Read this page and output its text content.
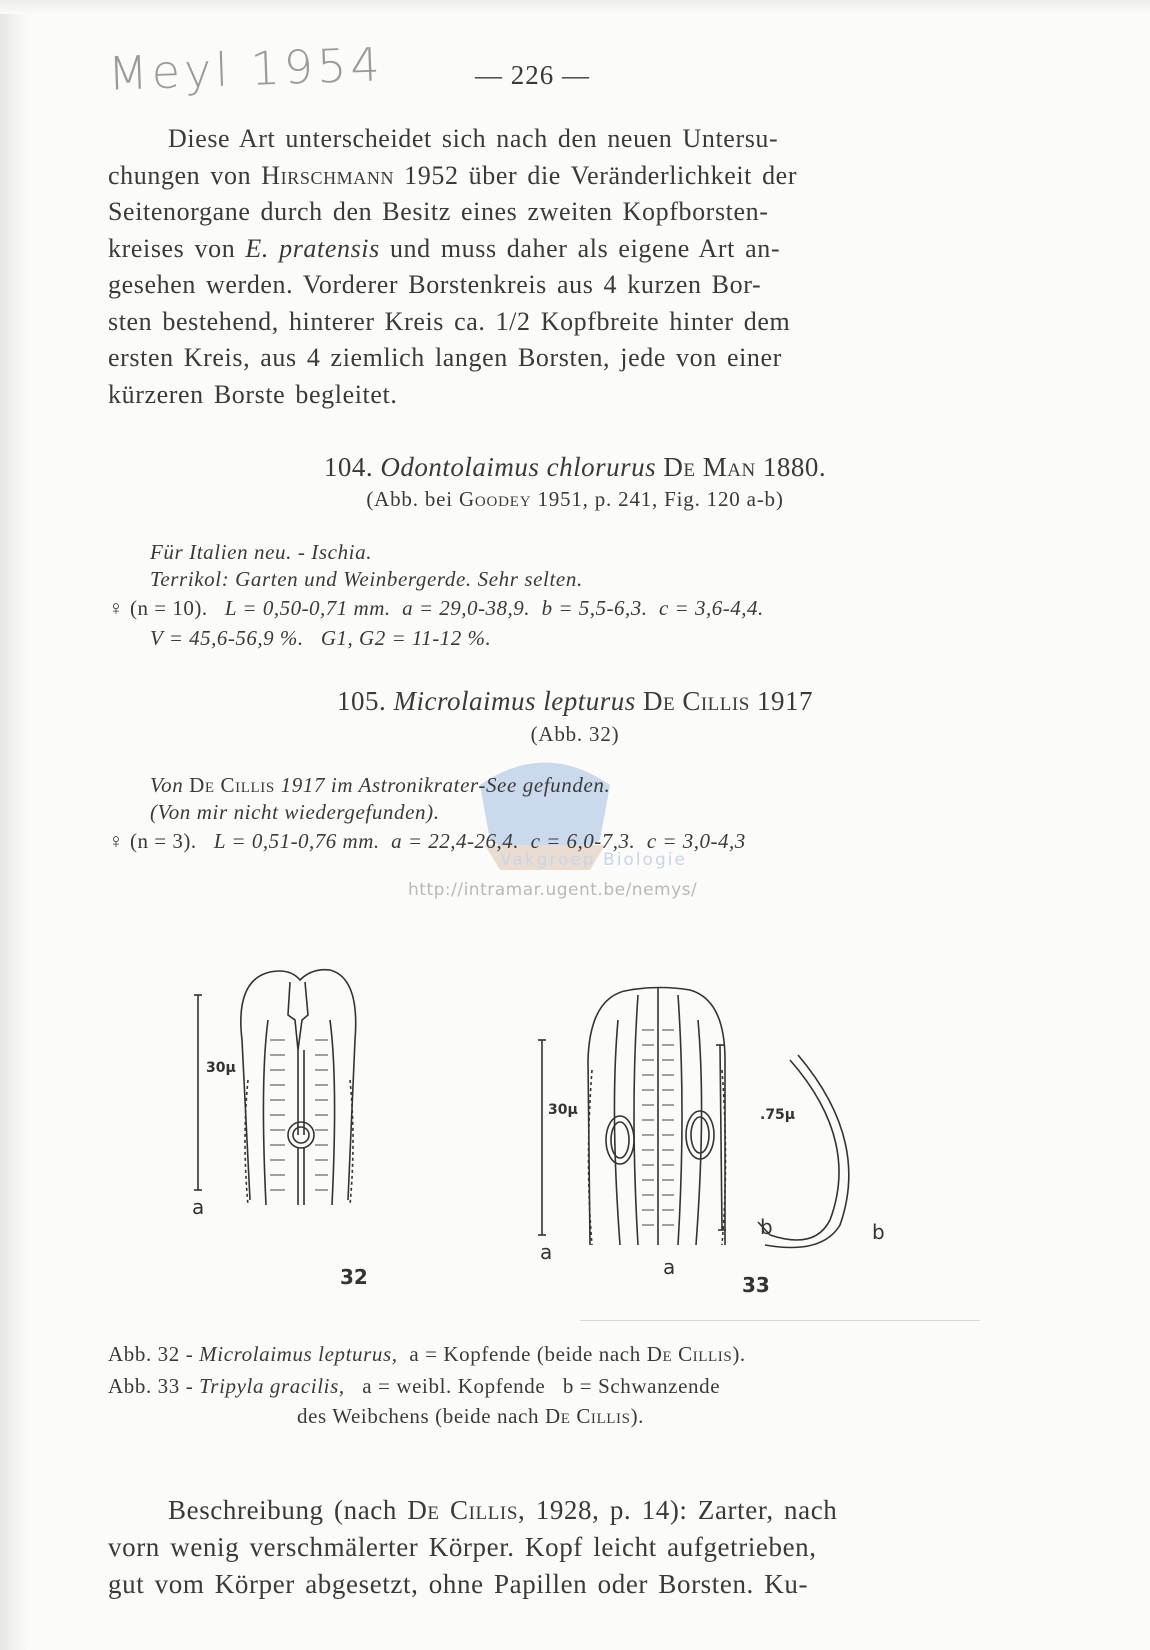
Meyl 1954	— 226 —
Diese Art unterscheidet sich nach den neuen Untersu-
chungen von Hirschmann 1952 über die Veränderlichkeit der
Seitenorgane durch den Besitz eines zweiten Kopfborsten-
kreises von E. pratensis und muss daher als eigene Art an-
gesehen werden. Vorderer Borstenkreis aus 4 kurzen Bor-
sten bestehend, hinterer Kreis ca. 1/2 Kopfbreite hinter dem
ersten Kreis, aus 4 ziemlich langen Borsten, jede von einer
kürzeren Borste begleitet.
104. Odontolaimus chlorurus De Man 1880.
(Abb. bei Goodey 1951, p. 241, Fig. 120 a-b)
Für Italien neu. - Ischia.
Terrikol: Garten und Weinbergerde. Sehr selten.
♀ (n = 10). L = 0,50-0,71 mm. a = 29,0-38,9. b = 5,5-6,3. c = 3,6-4,4.
V = 45,6-56,9 %. G1, G2 = 11-12 %.
105. Microlaimus lepturus De Cillis 1917
Vakgroep Biologie
(Abb. 32)
Von De Cillis 1917 im Astronikrater-See gefunden.
(Von mir nicht wiedergefunden).
♀ (n = 3). L = 0,51-0,76 mm. a = 22,4-26,4. c = 6,0-7,3. c = 3,0-4,3
http://intramar.ugent.be/nemys/
30µ
a
32
30µ	.75µ
a
a
b	b
33
Abb. 32 - Microlaimus lepturus,  a = Kopfende (beide nach De Cillis).
Abb. 33 - Tripyla gracilis,   a = weibl. Kopfende   b = Schwanzende
des Weibchens (beide nach De Cillis).
Beschreibung (nach De Cillis, 1928, p. 14): Zarter, nach
vorn wenig verschmälerter Körper. Kopf leicht aufgetrieben,
gut vom Körper abgesetzt, ohne Papillen oder Borsten. Ku-
